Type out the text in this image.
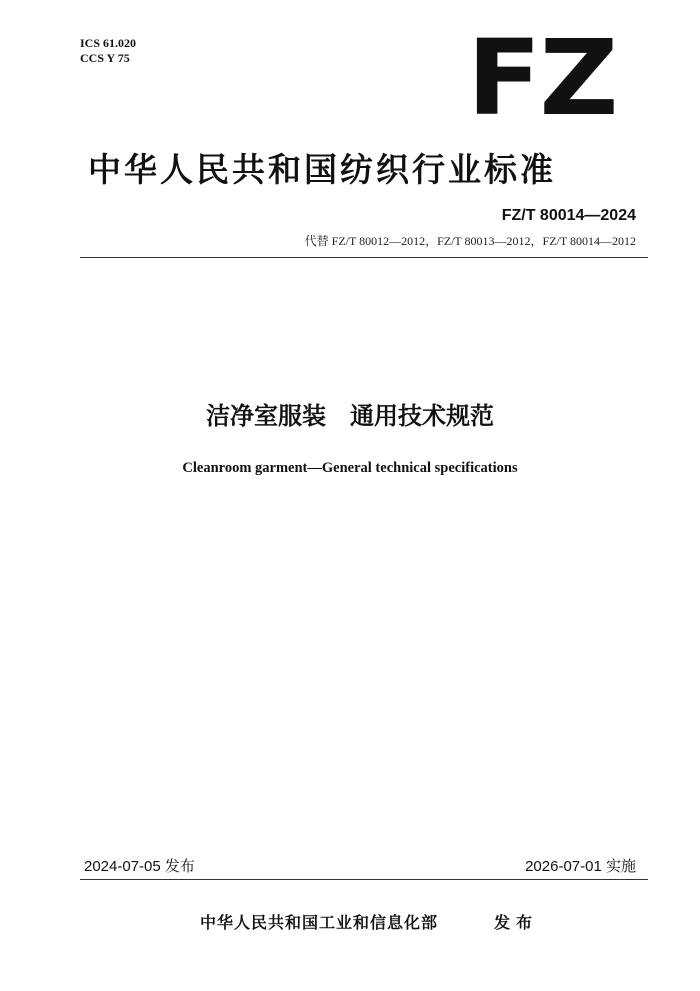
ICS 61.020
CCS Y 75	FZ
中华人民共和国纺织行业标准
FZ/T 80014—2024
代替 FZ/T 80012—2012，FZ/T 80013—2012，FZ/T 80014—2012
洁净室服装　通用技术规范
Cleanroom garment—General technical specifications
2024-07-05 发布	2026-07-01 实施
中华人民共和国工业和信息化部	发布
